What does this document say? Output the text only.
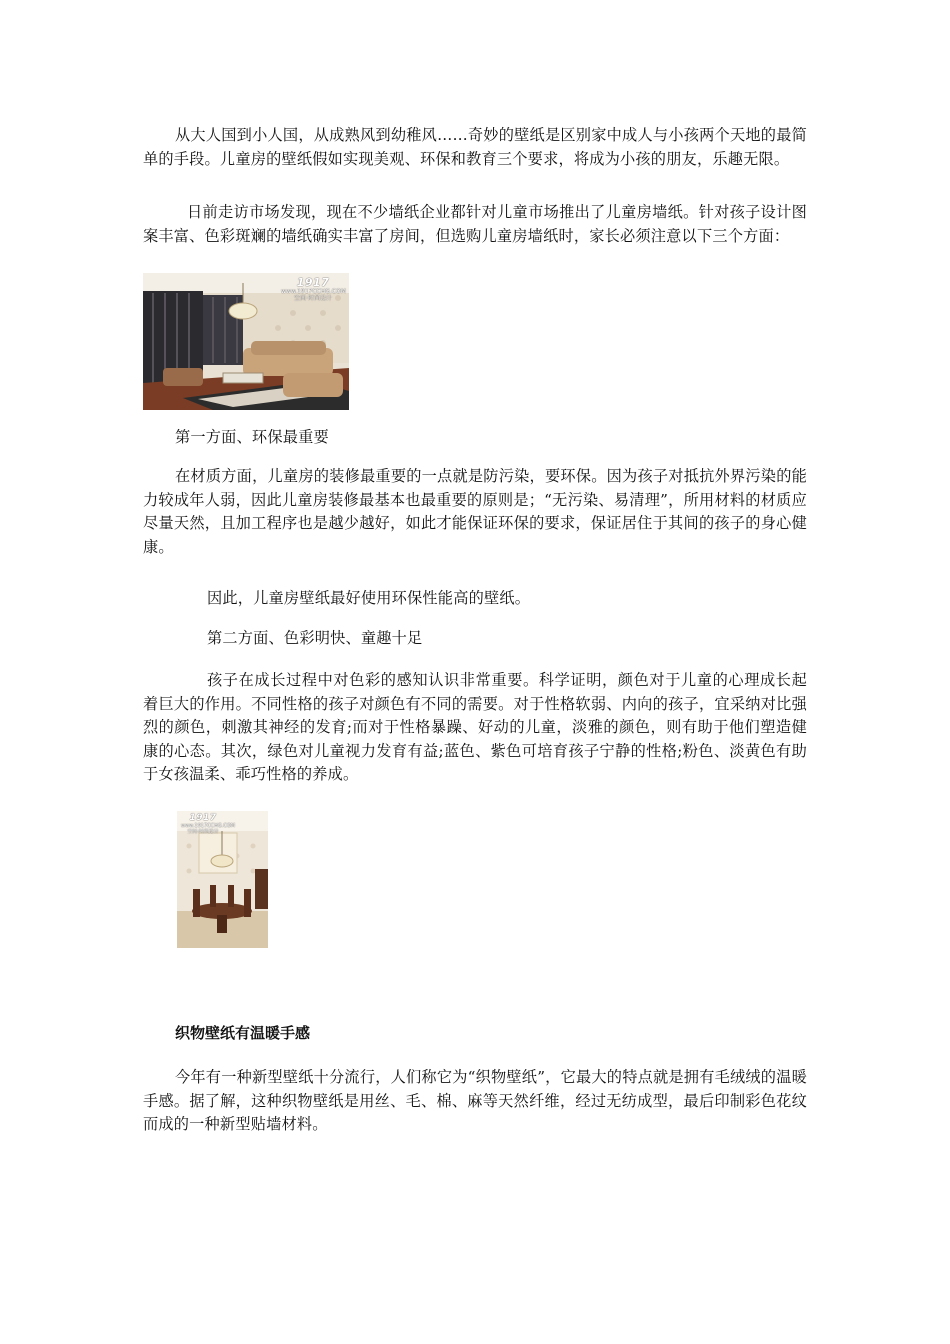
从大人国到小人国，从成熟风到幼稚风……奇妙的壁纸是区别家中成人与小孩两个天地的最简单的手段。儿童房的壁纸假如实现美观、环保和教育三个要求，将成为小孩的朋友，乐趣无限。

日前走访市场发现，现在不少墙纸企业都针对儿童市场推出了儿童房墙纸。针对孩子设计图案丰富、色彩斑斓的墙纸确实丰富了房间，但选购儿童房墙纸时，家长必须注意以下三个方面：

1917
www.1917CCHG.COM
空间·时尚设计

第一方面、环保最重要

在材质方面，儿童房的装修最重要的一点就是防污染，要环保。因为孩子对抵抗外界污染的能力较成年人弱，因此儿童房装修最基本也最重要的原则是；“无污染、易清理”，所用材料的材质应尽量天然，且加工程序也是越少越好，如此才能保证环保的要求，保证居住于其间的孩子的身心健康。

因此，儿童房壁纸最好使用环保性能高的壁纸。

第二方面、色彩明快、童趣十足

孩子在成长过程中对色彩的感知认识非常重要。科学证明，颜色对于儿童的心理成长起着巨大的作用。不同性格的孩子对颜色有不同的需要。对于性格软弱、内向的孩子，宜采纳对比强烈的颜色，刺激其神经的发育;而对于性格暴躁、好动的儿童，淡雅的颜色，则有助于他们塑造健康的心态。其次，绿色对儿童视力发育有益;蓝色、紫色可培育孩子宁静的性格;粉色、淡黄色有助于女孩温柔、乖巧性格的养成。

1917
www.1917CCHG.COM
空间·时尚设计
织物壁纸有温暖手感

今年有一种新型壁纸十分流行，人们称它为“织物壁纸”，它最大的特点就是拥有毛绒绒的温暖手感。据了解，这种织物壁纸是用丝、毛、棉、麻等天然纤维，经过无纺成型，最后印制彩色花纹而成的一种新型贴墙材料。
